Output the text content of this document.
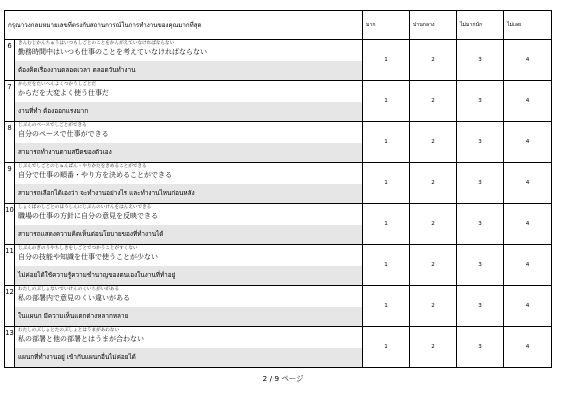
กรุณาวงกลมหมายเลขที่ตรงกับสถานการณ์ในการทำงานของคุณมากที่สุด		มาก	ปานกลาง	ไม่มากนัก	ไม่เลย
6	きんむじかんちゅうはいつもしごとのことをかんがえていなければならない
勤務時間中はいつも仕事のことを考えていなければならない
ต้องคิดเรื่องงานตลอดเวลา ตลอดวันทำงาน	1	2	3	4
7	からだをたいへんよくつかうしごとだ
からだを大変よく使う仕事だ
งานที่ทำ ต้องออกแรงมาก	1	2	3	4
8	じぶんのペースでしごとができる
自分のペースで仕事ができる
สามารถทำงานตามสปีดของตัวเอง	1	2	3	4
9	じぶんでしごとのじゅんばん・やりかたをきめることができる
自分で仕事の順番・やり方を決めることができる
สามารถเลือกได้เองว่า จะทำงานอย่างไร และทำงานไหนก่อนหลัง	1	2	3	4
10	しょくばのしごとのほうしんにじぶんのいけんをはんえいできる
職場の仕事の方針に自分の意見を反映できる
สามารถแสดงความคิดเห็นต่อนโยบายของที่ทำงานได้	1	2	3	4
11	じぶんのぎのうやちしきをしごとでつかうことがすくない
自分の技能や知識を仕事で使うことが少ない
ไม่ค่อยได้ใช้ความรู้ความชำนาญของตนเองในงานที่ทำอยู่	1	2	3	4
12	わたしのぶしょないでいけんのくいちがいがある
私の部署内で意見のくい違いがある
ในแผนก มีความเห็นแตกต่างหลากหลาย	1	2	3	4
13	わたしのぶしょとたのぶしょとはうまがあわない
私の部署と他の部署とはうまが合わない
แผนกที่ทำงานอยู่ เข้ากับแผนกอื่นไม่ค่อยได้	1	2	3	4
2 / 9 ページ
